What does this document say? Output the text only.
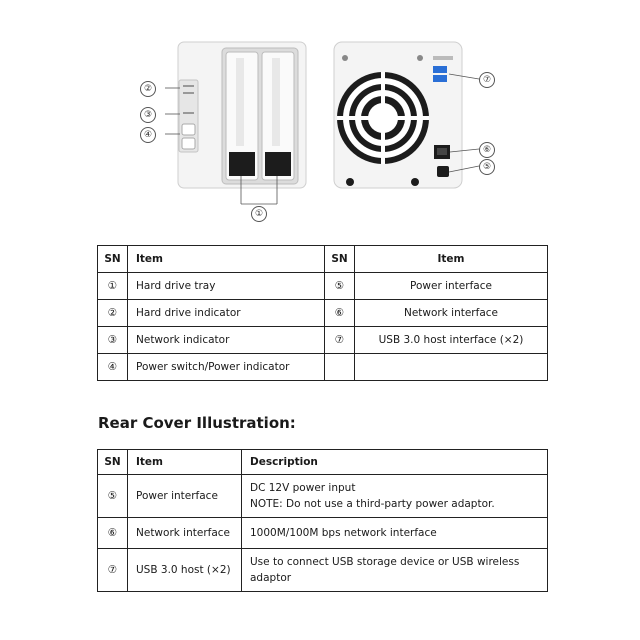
②
③
④
①
⑦
⑥
⑤
SN	Item	SN	Item
①	Hard drive tray	⑤	Power interface
②	Hard drive indicator	⑥	Network interface
③	Network indicator	⑦	USB 3.0 host interface (×2)
④	Power switch/Power indicator		
Rear Cover Illustration:
SN	Item	Description
⑤	Power interface	DC 12V power input
NOTE: Do not use a third-party power adaptor.

⑥	Network interface	1000M/100M bps network interface
⑦	USB 3.0 host (×2)	Use to connect USB storage device or USB wireless
adaptor
